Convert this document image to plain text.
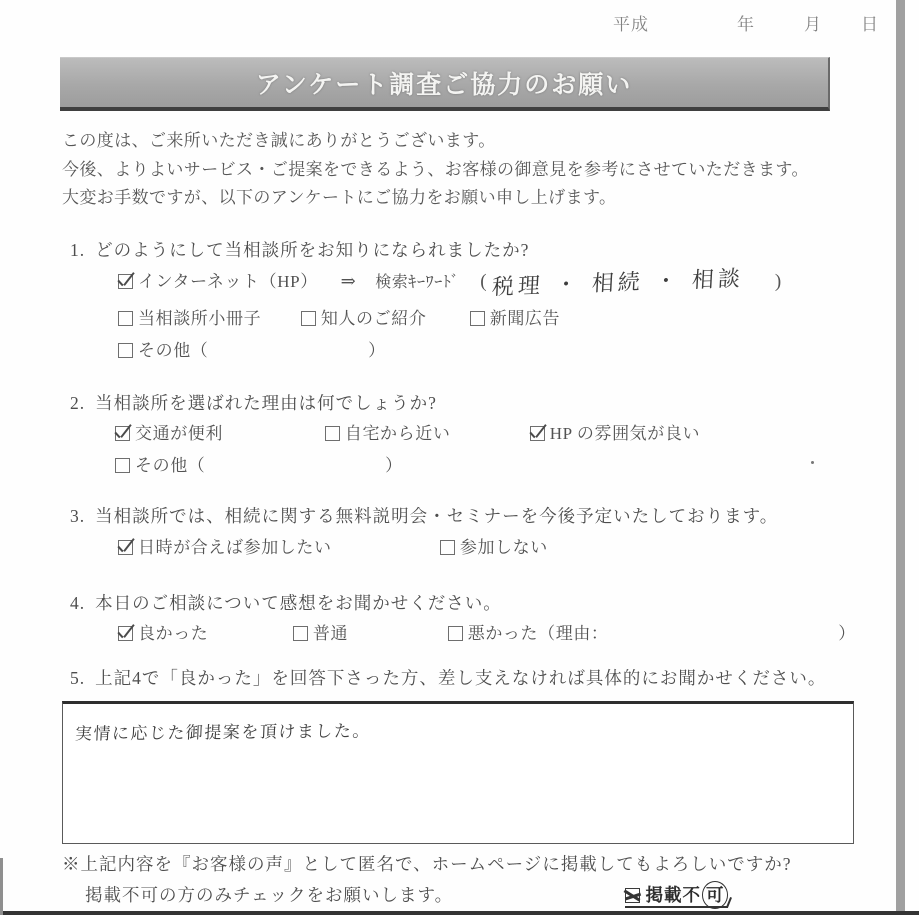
平成	年	月 日
アンケート調査ご協力のお願い
この度は、ご来所いただき誠にありがとうございます。
今後、よりよいサービス・ご提案をできるよう、お客様の御意見を参考にさせていただきます。
大変お手数ですが、以下のアンケートにご協力をお願い申し上げます。
1. どのようにして当相談所をお知りになられましたか?
インターネット（HP） ⇒ 検索ｷｰﾜｰﾄﾞ ( 税理 ・ 相続 ・ 相談 )
当相談所小冊子	知人のご紹介	新聞広告
その他（	）
2. 当相談所を選ばれた理由は何でしょうか?
交通が便利	自宅から近い	HP の雰囲気が良い
その他（	）
3. 当相談所では、相続に関する無料説明会・セミナーを今後予定いたしております。
日時が合えば参加したい	参加しない
4. 本日のご相談について感想をお聞かせください。
良かった	普通	悪かった（理由：	）
5. 上記4で「良かった」を回答下さった方、差し支えなければ具体的にお聞かせください。
実情に応じた御提案を頂けました。
※上記内容を『お客様の声』として匿名で、ホームページに掲載してもよろしいですか?
掲載不可の方のみチェックをお願いします。	掲載不 可
